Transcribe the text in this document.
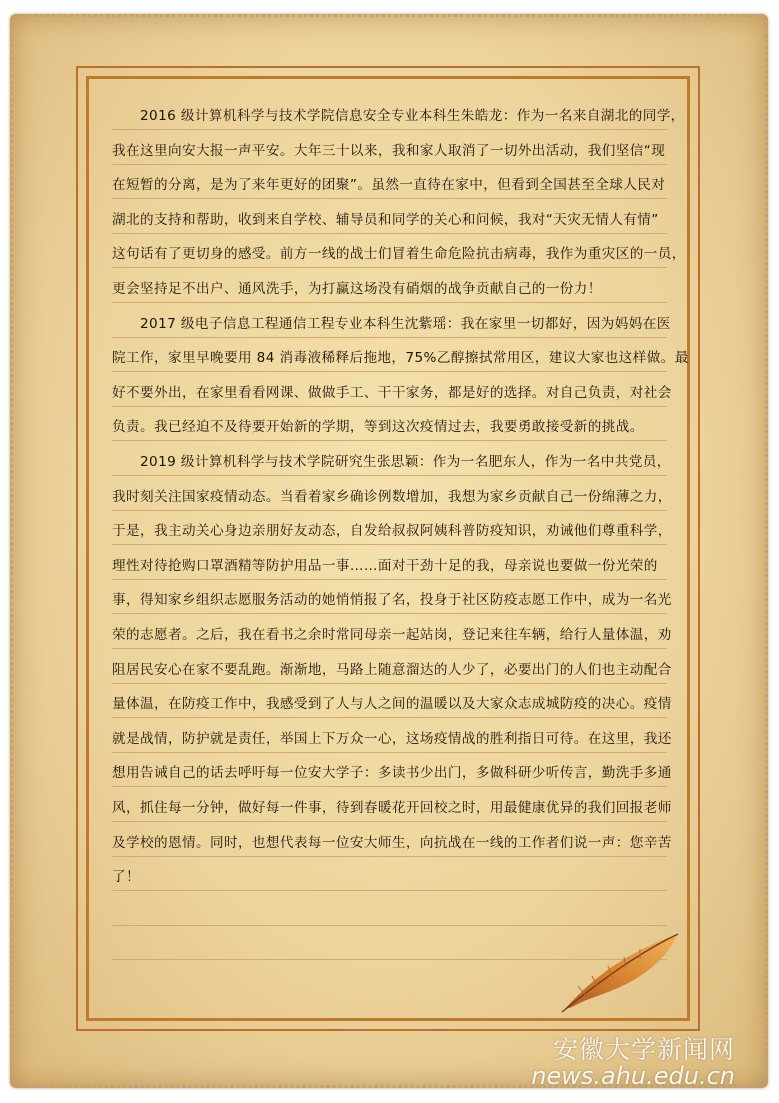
　　2016 级计算机科学与技术学院信息安全专业本科生朱皓龙：作为一名来自湖北的同学，
我在这里向安大报一声平安。大年三十以来，我和家人取消了一切外出活动，我们坚信“现
在短暂的分离，是为了来年更好的团聚”。虽然一直待在家中，但看到全国甚至全球人民对
湖北的支持和帮助，收到来自学校、辅导员和同学的关心和问候，我对“天灾无情人有情”
这句话有了更切身的感受。前方一线的战士们冒着生命危险抗击病毒，我作为重灾区的一员，
更会坚持足不出户、通风洗手，为打赢这场没有硝烟的战争贡献自己的一份力！
　　2017 级电子信息工程通信工程专业本科生沈紫瑶：我在家里一切都好，因为妈妈在医
院工作，家里早晚要用 84 消毒液稀释后拖地，75%乙醇擦拭常用区，建议大家也这样做。最
好不要外出，在家里看看网课、做做手工、干干家务，都是好的选择。对自己负责，对社会
负责。我已经迫不及待要开始新的学期，等到这次疫情过去，我要勇敢接受新的挑战。
　　2019 级计算机科学与技术学院研究生张思颖：作为一名肥东人，作为一名中共党员，
我时刻关注国家疫情动态。当看着家乡确诊例数增加，我想为家乡贡献自己一份绵薄之力，
于是，我主动关心身边亲朋好友动态，自发给叔叔阿姨科普防疫知识，劝诫他们尊重科学，
理性对待抢购口罩酒精等防护用品一事……面对干劲十足的我，母亲说也要做一份光荣的
事，得知家乡组织志愿服务活动的她悄悄报了名，投身于社区防疫志愿工作中，成为一名光
荣的志愿者。之后，我在看书之余时常同母亲一起站岗，登记来往车辆，给行人量体温，劝
阻居民安心在家不要乱跑。渐渐地，马路上随意溜达的人少了，必要出门的人们也主动配合
量体温，在防疫工作中，我感受到了人与人之间的温暖以及大家众志成城防疫的决心。疫情
就是战情，防护就是责任，举国上下万众一心，这场疫情战的胜利指日可待。在这里，我还
想用告诫自己的话去呼吁每一位安大学子：多读书少出门，多做科研少听传言，勤洗手多通
风，抓住每一分钟，做好每一件事，待到春暖花开回校之时，用最健康优异的我们回报老师
及学校的恩情。同时，也想代表每一位安大师生，向抗战在一线的工作者们说一声：您辛苦
了！
安徽大学新闻网
news.ahu.edu.cn
